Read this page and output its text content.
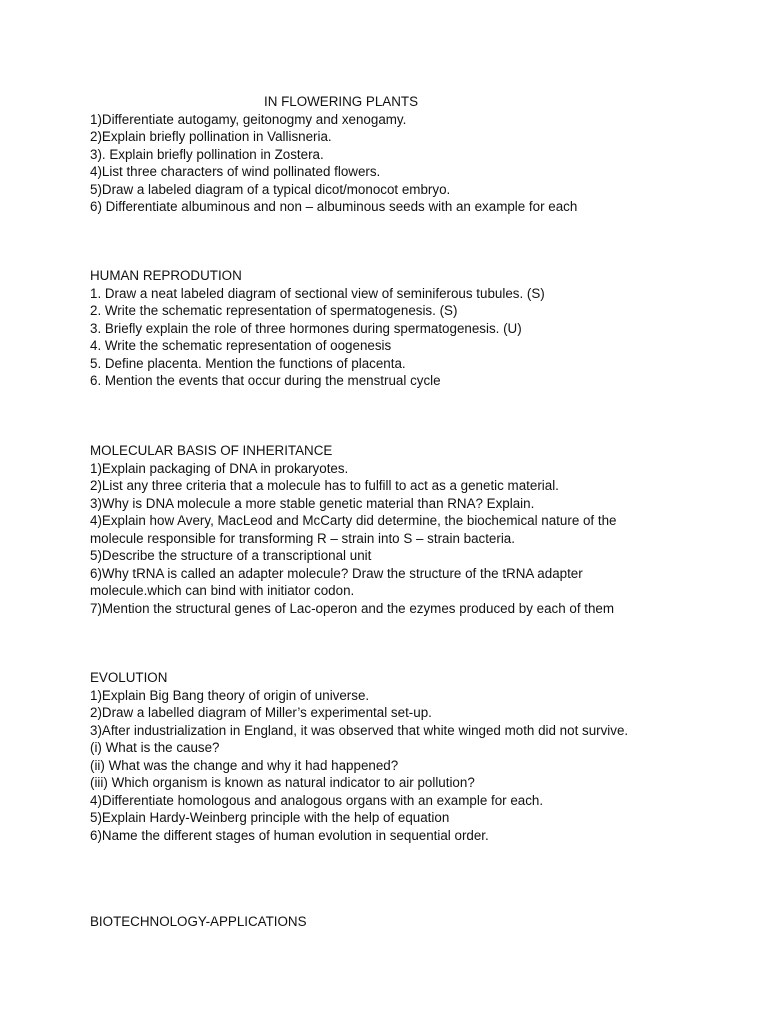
IN FLOWERING PLANTS

1)Differentiate autogamy, geitonogmy and xenogamy.

2)Explain briefly pollination in Vallisneria.

3). Explain briefly pollination in Zostera.

4)List three characters of wind pollinated flowers.

5)Draw a labeled diagram of a typical dicot/monocot embryo.

6) Differentiate albuminous and non – albuminous seeds with an example for each

HUMAN REPRODUTION

1. Draw a neat labeled diagram of sectional view of seminiferous tubules. (S)

2. Write the schematic representation of spermatogenesis. (S)

3. Briefly explain the role of three hormones during spermatogenesis. (U)

4. Write the schematic representation of oogenesis

5. Define placenta. Mention the functions of placenta.

6. Mention the events that occur during the menstrual cycle

MOLECULAR BASIS OF INHERITANCE

1)Explain packaging of DNA in prokaryotes.

2)List any three criteria that a molecule has to fulfill to act as a genetic material.

3)Why is DNA molecule a more stable genetic material than RNA? Explain.

4)Explain how Avery, MacLeod and McCarty did determine, the biochemical nature of the

molecule responsible for transforming R – strain into S – strain bacteria.

5)Describe the structure of a transcriptional unit

6)Why tRNA is called an adapter molecule? Draw the structure of the tRNA adapter

molecule.which can bind with initiator codon.

7)Mention the structural genes of Lac-operon and the ezymes produced by each of them

EVOLUTION

1)Explain Big Bang theory of origin of universe.

2)Draw a labelled diagram of Miller’s experimental set-up.

3)After industrialization in England, it was observed that white winged moth did not survive.

(i) What is the cause?

(ii) What was the change and why it had happened?

(iii) Which organism is known as natural indicator to air pollution?

4)Differentiate homologous and analogous organs with an example for each.

5)Explain Hardy-Weinberg principle with the help of equation

6)Name the different stages of human evolution in sequential order.

BIOTECHNOLOGY-APPLICATIONS
